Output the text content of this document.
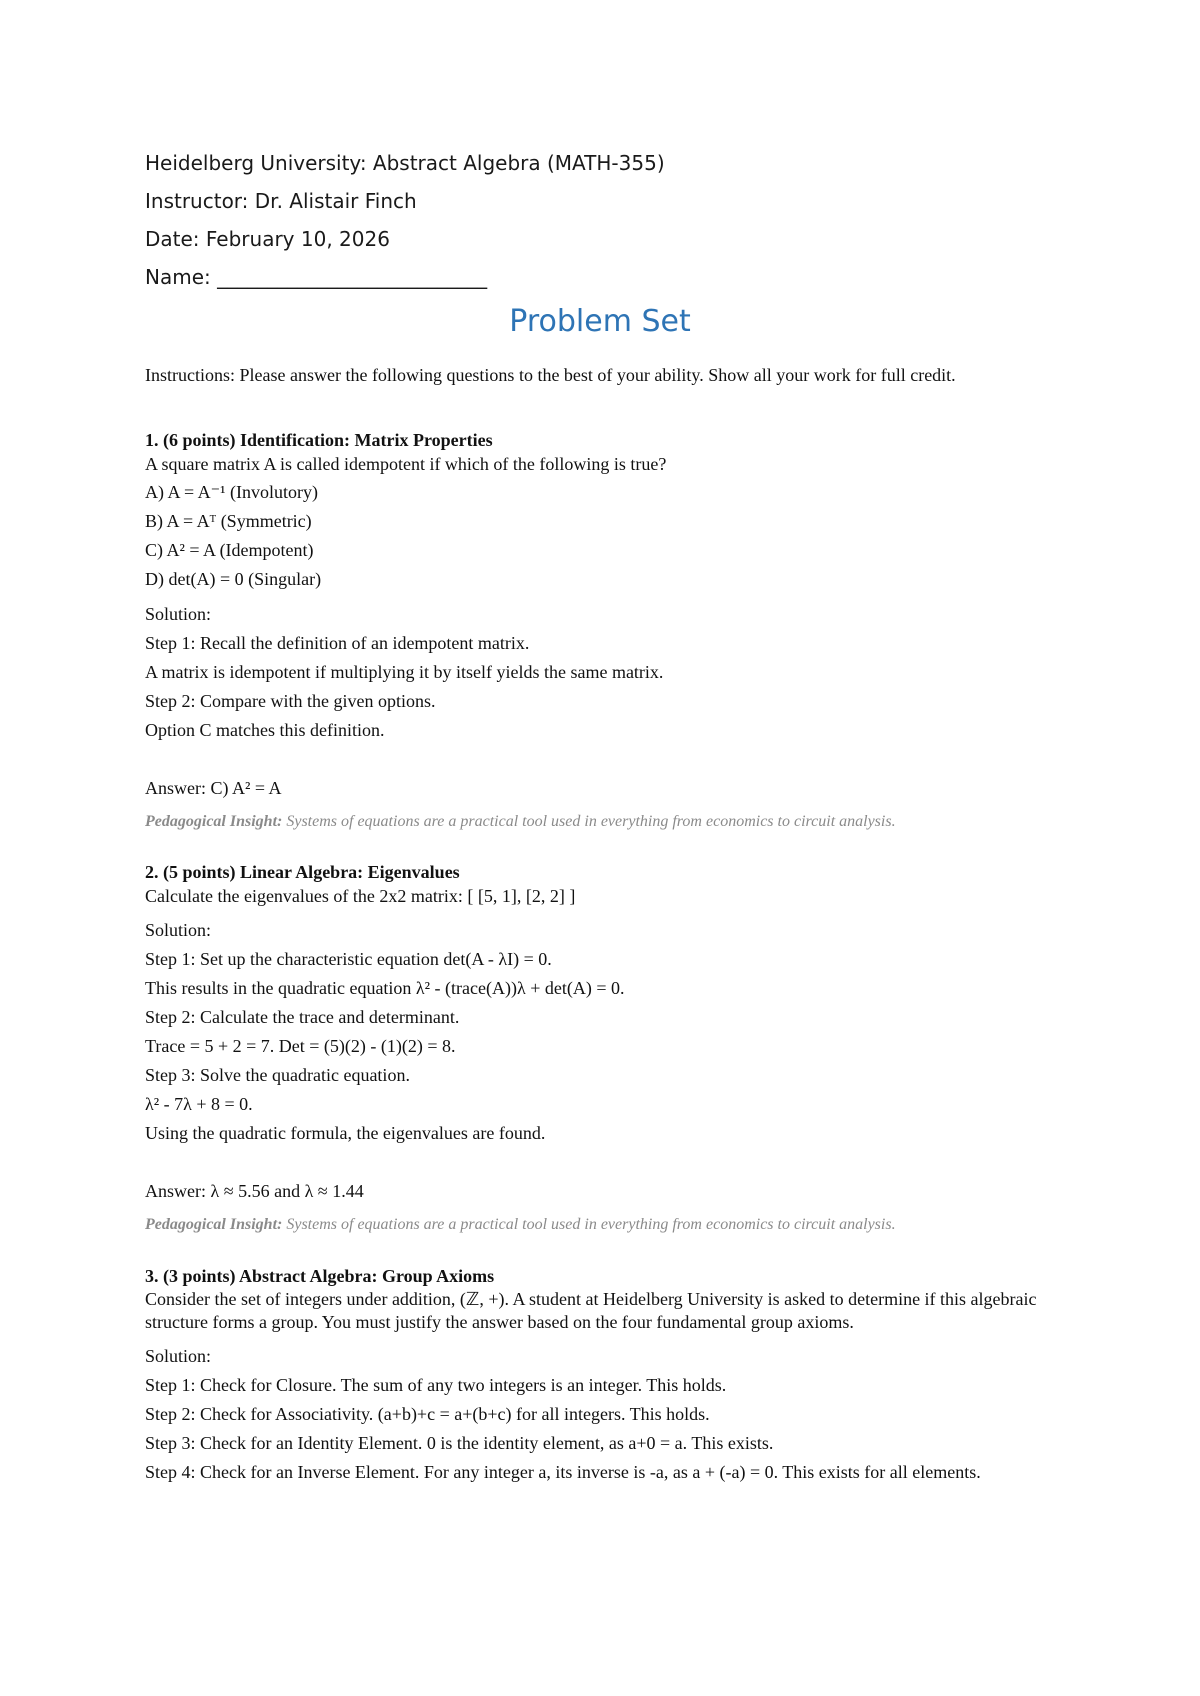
Heidelberg University: Abstract Algebra (MATH-355)
Instructor: Dr. Alistair Finch
Date: February 10, 2026
Name: ___________________________
Problem Set
Instructions: Please answer the following questions to the best of your ability. Show all your work for full credit.
1. (6 points) Identification: Matrix Properties
A square matrix A is called idempotent if which of the following is true?
A) A = A⁻¹ (Involutory)
B) A = Aᵀ (Symmetric)
C) A² = A (Idempotent)
D) det(A) = 0 (Singular)
Solution:
Step 1: Recall the definition of an idempotent matrix.
A matrix is idempotent if multiplying it by itself yields the same matrix.
Step 2: Compare with the given options.
Option C matches this definition.
Answer: C) A² = A
Pedagogical Insight: Systems of equations are a practical tool used in everything from economics to circuit analysis.
2. (5 points) Linear Algebra: Eigenvalues
Calculate the eigenvalues of the 2x2 matrix: [ [5, 1], [2, 2] ]
Solution:
Step 1: Set up the characteristic equation det(A - λI) = 0.
This results in the quadratic equation λ² - (trace(A))λ + det(A) = 0.
Step 2: Calculate the trace and determinant.
Trace = 5 + 2 = 7. Det = (5)(2) - (1)(2) = 8.
Step 3: Solve the quadratic equation.
λ² - 7λ + 8 = 0.
Using the quadratic formula, the eigenvalues are found.
Answer: λ ≈ 5.56 and λ ≈ 1.44
Pedagogical Insight: Systems of equations are a practical tool used in everything from economics to circuit analysis.
3. (3 points) Abstract Algebra: Group Axioms
Consider the set of integers under addition, (ℤ, +). A student at Heidelberg University is asked to determine if this algebraic structure forms a group. You must justify the answer based on the four fundamental group axioms.
Solution:
Step 1: Check for Closure. The sum of any two integers is an integer. This holds.
Step 2: Check for Associativity. (a+b)+c = a+(b+c) for all integers. This holds.
Step 3: Check for an Identity Element. 0 is the identity element, as a+0 = a. This exists.
Step 4: Check for an Inverse Element. For any integer a, its inverse is -a, as a + (-a) = 0. This exists for all elements.
